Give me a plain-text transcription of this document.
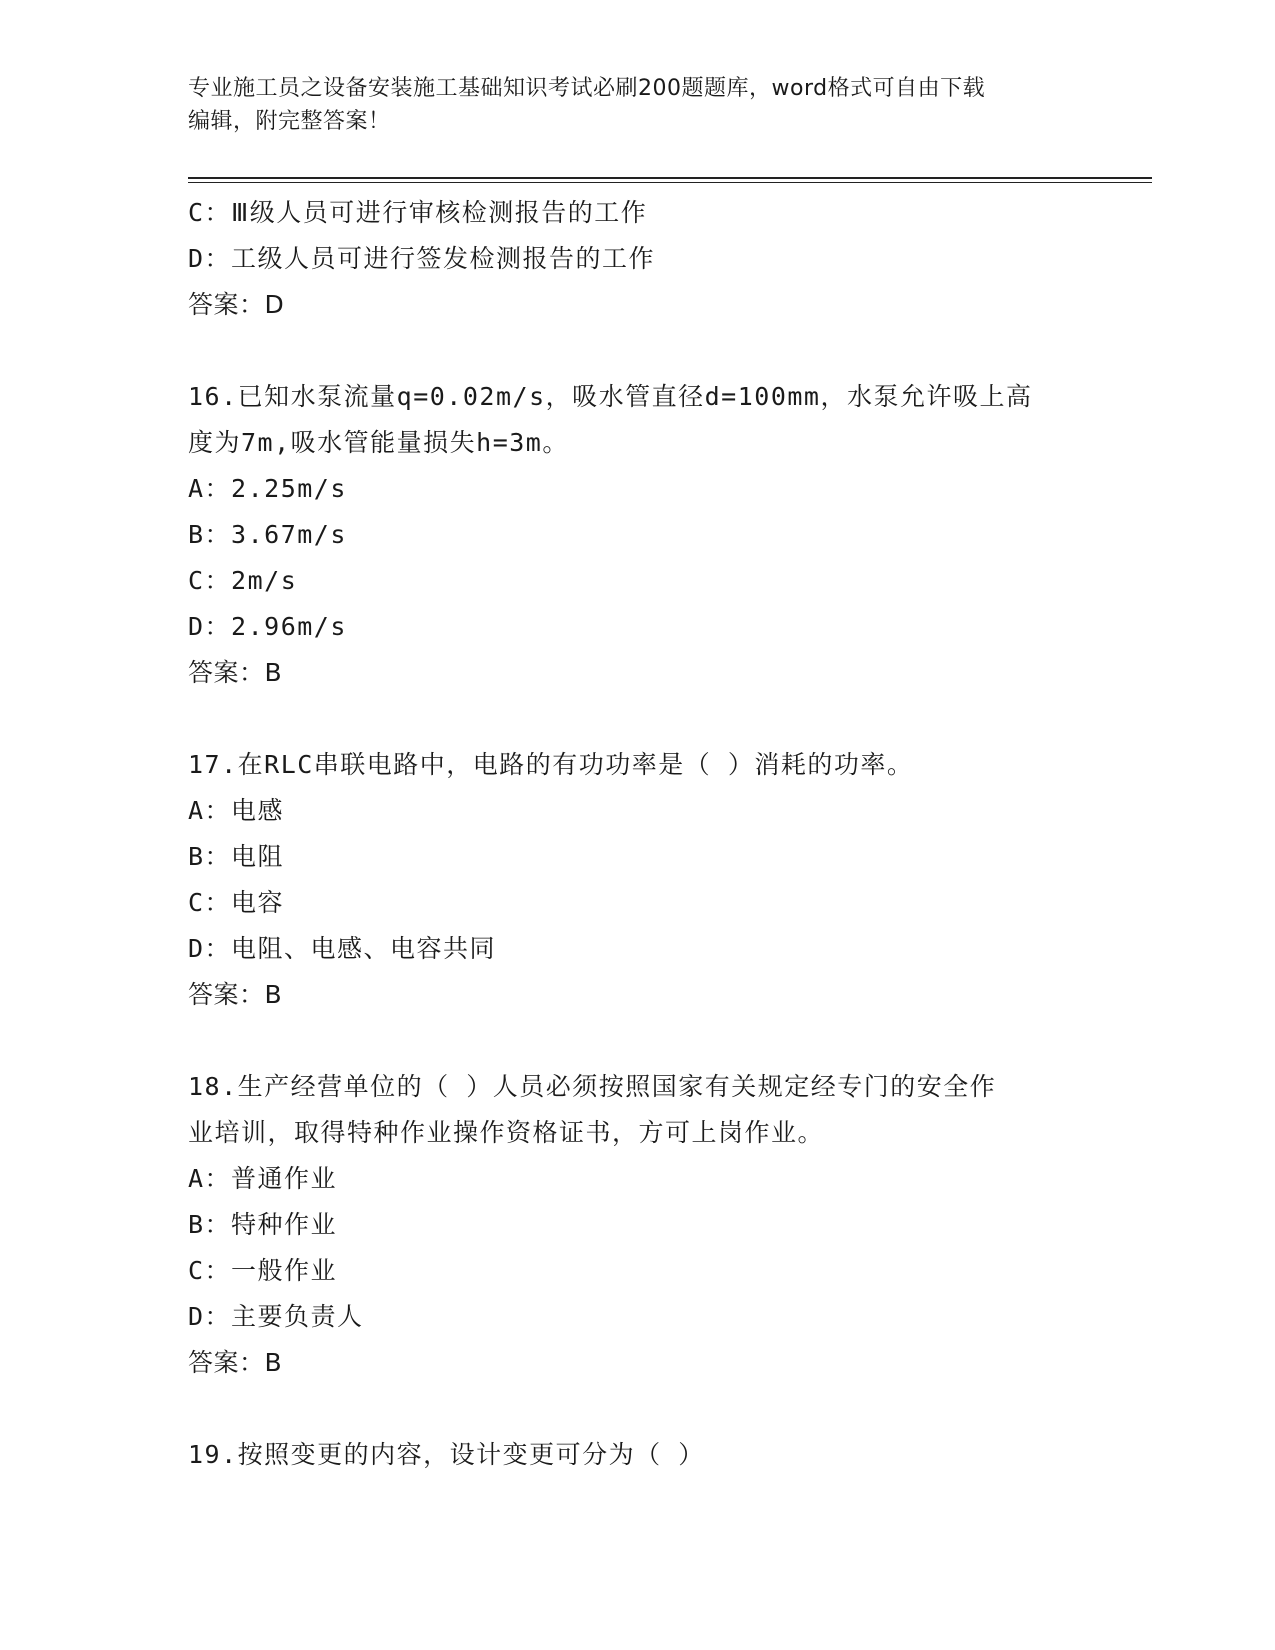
专业施工员之设备安装施工基础知识考试必刷200题题库，word格式可自由下载
编辑，附完整答案！
C：Ⅲ级人员可进行审核检测报告的工作
D：工级人员可进行签发检测报告的工作
答案：D
16.已知水泵流量q=0.02m/s，吸水管直径d=100mm，水泵允许吸上高
度为7m,吸水管能量损失h=3m。
A：2.25m/s
B：3.67m/s
C：2m/s
D：2.96m/s
答案：B
17.在RLC串联电路中，电路的有功功率是（ ）消耗的功率。
A：电感
B：电阻
C：电容
D：电阻、电感、电容共同
答案：B
18.生产经营单位的（ ）人员必须按照国家有关规定经专门的安全作
业培训，取得特种作业操作资格证书，方可上岗作业。
A：普通作业
B：特种作业
C：一般作业
D：主要负责人
答案：B
19.按照变更的内容，设计变更可分为（ ）
